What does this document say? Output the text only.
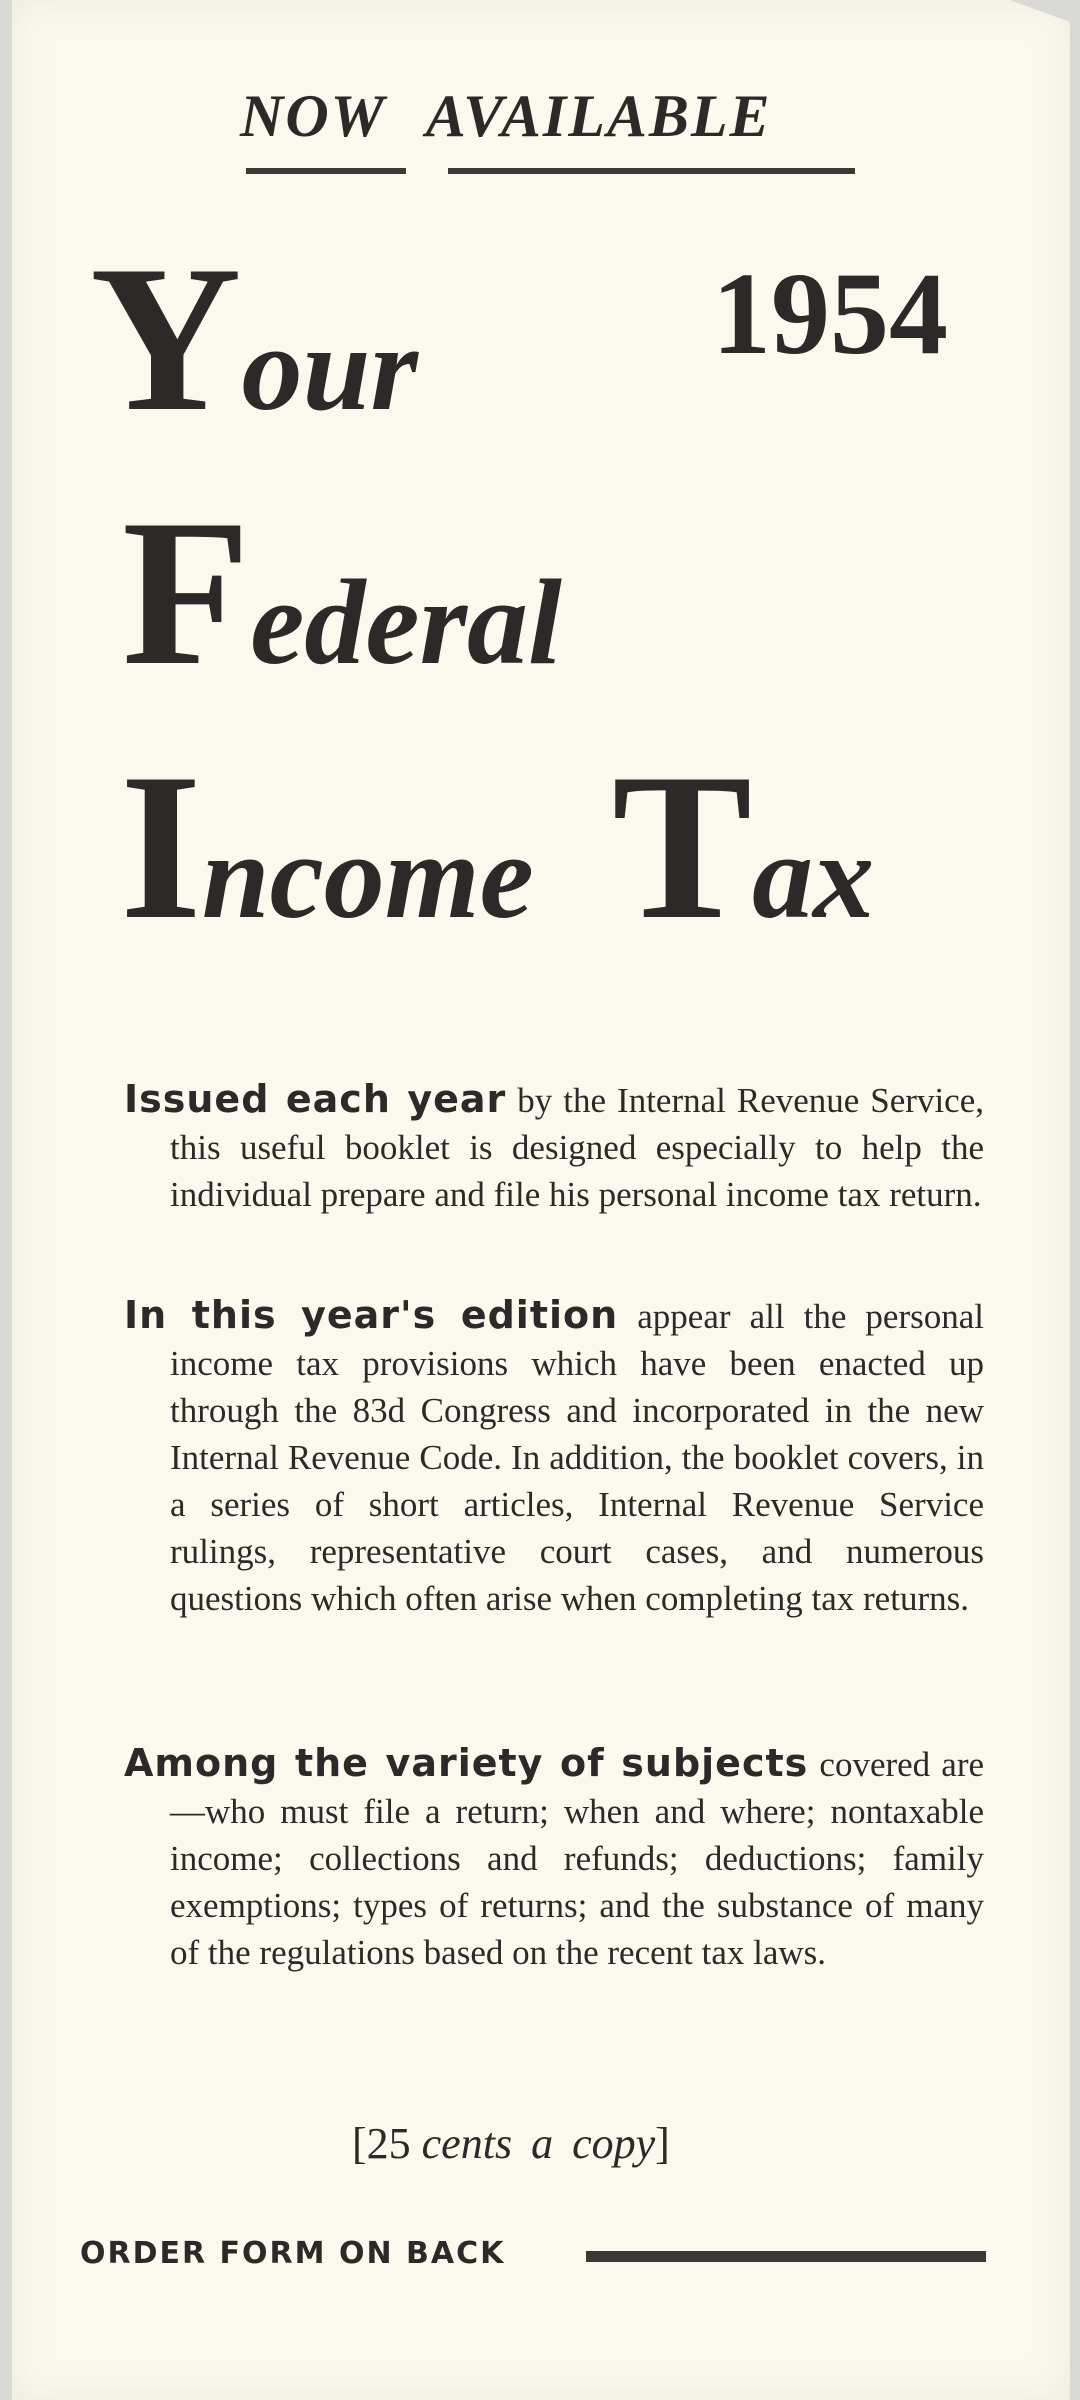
NOW AVAILABLE
1954
Your
Federal
Income Tax

Issued each year by the Internal Revenue Service, this useful booklet is designed especially to help the individual prepare and file his personal income tax return.

In this year's edition appear all the personal income tax provisions which have been enacted up through the 83d Congress and incorporated in the new Internal Revenue Code. In addition, the booklet covers, in a series of short articles, Internal Revenue Service rulings, representative court cases, and numerous questions which often arise when completing tax returns.

Among the variety of subjects covered are—who must file a return; when and where; nontaxable income; collections and refunds; deductions; family exemptions; types of returns; and the substance of many of the regulations based on the recent tax laws.

[25 cents a copy]
ORDER FORM ON BACK
